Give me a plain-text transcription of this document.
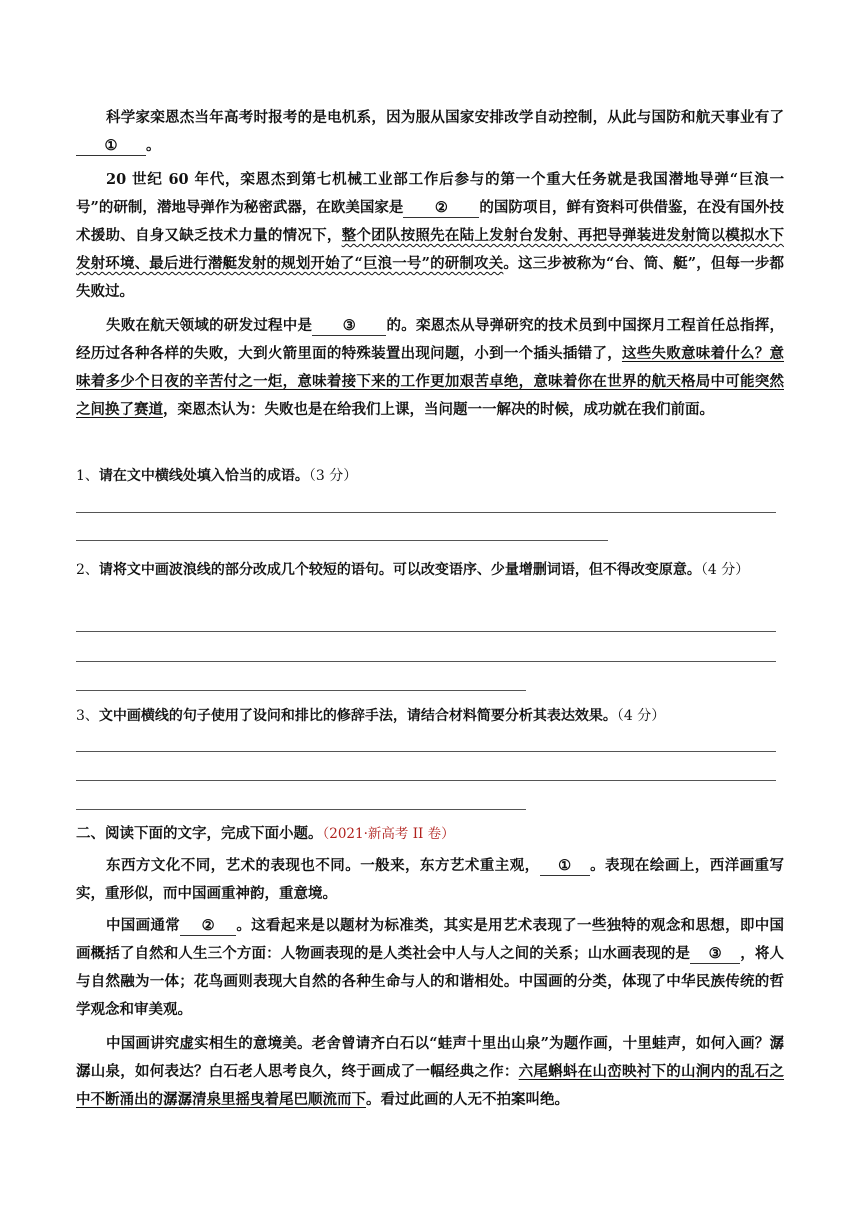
科学家栾恩杰当年高考时报考的是电机系，因为服从国家安排改学自动控制，从此与国防和航天事业有了① 。

20 世纪 60 年代，栾恩杰到第七机械工业部工作后参与的第一个重大任务就是我国潜地导弹“巨浪一号”的研制，潜地导弹作为秘密武器，在欧美国家是 ② 的国防项目，鲜有资料可供借鉴，在没有国外技术援助、自身又缺乏技术力量的情况下，整个团队按照先在陆上发射台发射、再把导弹装进发射筒以模拟水下发射环境、最后进行潜艇发射的规划开始了“巨浪一号”的研制攻关。这三步被称为“台、筒、艇”，但每一步都失败过。

失败在航天领域的研发过程中是 ③ 的。栾恩杰从导弹研究的技术员到中国探月工程首任总指挥，经历过各种各样的失败，大到火箭里面的特殊装置出现问题，小到一个插头插错了，这些失败意味着什么？意味着多少个日夜的辛苦付之一炬，意味着接下来的工作更加艰苦卓绝，意味着你在世界的航天格局中可能突然之间换了赛道，栾恩杰认为：失败也是在给我们上课，当问题一一解决的时候，成功就在我们前面。

1、请在文中横线处填入恰当的成语。（3 分）

2、请将文中画波浪线的部分改成几个较短的语句。可以改变语序、少量增删词语，但不得改变原意。（4 分）

3、文中画横线的句子使用了设问和排比的修辞手法，请结合材料简要分析其表达效果。（4 分）

二、阅读下面的文字，完成下面小题。（2021·新高考 II 卷）

东西方文化不同，艺术的表现也不同。一般来，东方艺术重主观， ① 。表现在绘画上，西洋画重写实，重形似，而中国画重神韵，重意境。

中国画通常 ② 。这看起来是以题材为标准类，其实是用艺术表现了一些独特的观念和思想，即中国画概括了自然和人生三个方面：人物画表现的是人类社会中人与人之间的关系；山水画表现的是 ③ ，将人与自然融为一体；花鸟画则表现大自然的各种生命与人的和谐相处。中国画的分类，体现了中华民族传统的哲学观念和审美观。

中国画讲究虚实相生的意境美。老舍曾请齐白石以“蛙声十里出山泉”为题作画，十里蛙声，如何入画？潺潺山泉，如何表达？白石老人思考良久，终于画成了一幅经典之作：六尾蝌蚪在山峦映衬下的山涧内的乱石之中不断涌出的潺潺清泉里摇曳着尾巴顺流而下。看过此画的人无不拍案叫绝。
